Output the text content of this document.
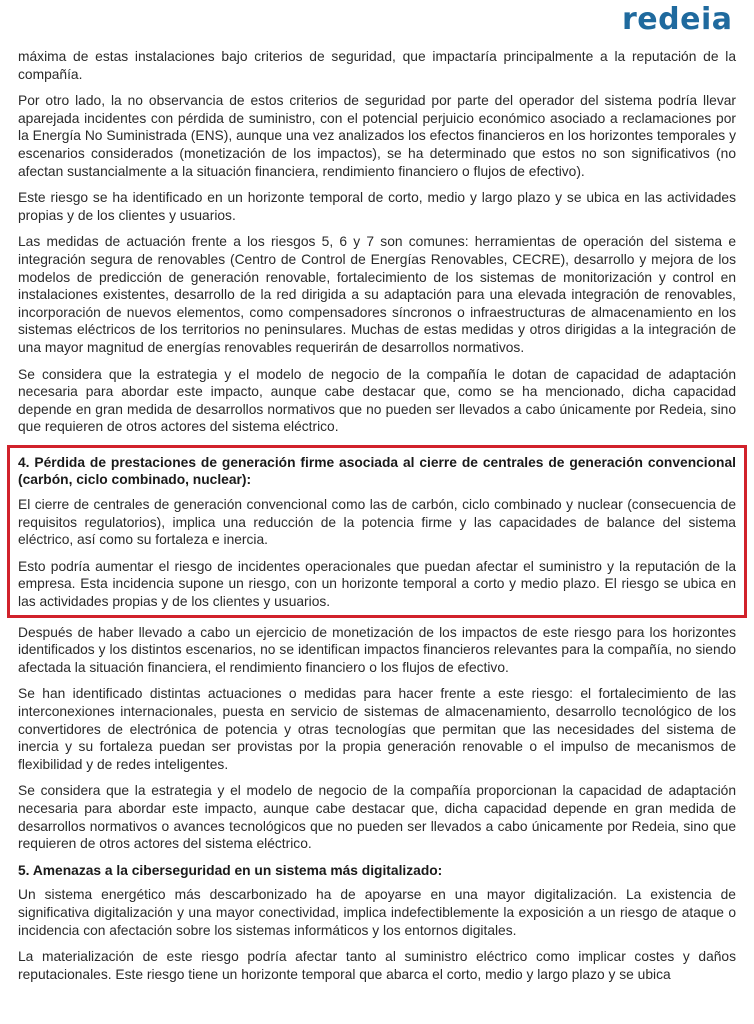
redeia

máxima de estas instalaciones bajo criterios de seguridad, que impactaría principalmente a la reputación de la compañía.

Por otro lado, la no observancia de estos criterios de seguridad por parte del operador del sistema podría llevar aparejada incidentes con pérdida de suministro, con el potencial perjuicio económico asociado a reclamaciones por la Energía No Suministrada (ENS), aunque una vez analizados los efectos financieros en los horizontes temporales y escenarios considerados (monetización de los impactos), se ha determinado que estos no son significativos (no afectan sustancialmente a la situación financiera, rendimiento financiero o flujos de efectivo).

Este riesgo se ha identificado en un horizonte temporal de corto, medio y largo plazo y se ubica en las actividades propias y de los clientes y usuarios.

Las medidas de actuación frente a los riesgos 5, 6 y 7 son comunes: herramientas de operación del sistema e integración segura de renovables (Centro de Control de Energías Renovables, CECRE), desarrollo y mejora de los modelos de predicción de generación renovable, fortalecimiento de los sistemas de monitorización y control en instalaciones existentes, desarrollo de la red dirigida a su adaptación para una elevada integración de renovables, incorporación de nuevos elementos, como compensadores síncronos o infraestructuras de almacenamiento en los sistemas eléctricos de los territorios no peninsulares. Muchas de estas medidas y otros dirigidas a la integración de una mayor magnitud de energías renovables requerirán de desarrollos normativos.

Se considera que la estrategia y el modelo de negocio de la compañía le dotan de capacidad de adaptación necesaria para abordar este impacto, aunque cabe destacar que, como se ha mencionado, dicha capacidad depende en gran medida de desarrollos normativos que no pueden ser llevados a cabo únicamente por Redeia, sino que requieren de otros actores del sistema eléctrico.

4. Pérdida de prestaciones de generación firme asociada al cierre de centrales de generación convencional (carbón, ciclo combinado, nuclear):

El cierre de centrales de generación convencional como las de carbón, ciclo combinado y nuclear (consecuencia de requisitos regulatorios), implica una reducción de la potencia firme y las capacidades de balance del sistema eléctrico, así como su fortaleza e inercia.

Esto podría aumentar el riesgo de incidentes operacionales que puedan afectar el suministro y la reputación de la empresa. Esta incidencia supone un riesgo, con un horizonte temporal a corto y medio plazo. El riesgo se ubica en las actividades propias y de los clientes y usuarios.

Después de haber llevado a cabo un ejercicio de monetización de los impactos de este riesgo para los horizontes identificados y los distintos escenarios, no se identifican impactos financieros relevantes para la compañía, no siendo afectada la situación financiera, el rendimiento financiero o los flujos de efectivo.

Se han identificado distintas actuaciones o medidas para hacer frente a este riesgo: el fortalecimiento de las interconexiones internacionales, puesta en servicio de sistemas de almacenamiento, desarrollo tecnológico de los convertidores de electrónica de potencia y otras tecnologías que permitan que las necesidades del sistema de inercia y su fortaleza puedan ser provistas por la propia generación renovable o el impulso de mecanismos de flexibilidad y de redes inteligentes.

Se considera que la estrategia y el modelo de negocio de la compañía proporcionan la capacidad de adaptación necesaria para abordar este impacto, aunque cabe destacar que, dicha capacidad depende en gran medida de desarrollos normativos o avances tecnológicos que no pueden ser llevados a cabo únicamente por Redeia, sino que requieren de otros actores del sistema eléctrico.

5. Amenazas a la ciberseguridad en un sistema más digitalizado:

Un sistema energético más descarbonizado ha de apoyarse en una mayor digitalización. La existencia de significativa digitalización y una mayor conectividad, implica indefectiblemente la exposición a un riesgo de ataque o incidencia con afectación sobre los sistemas informáticos y los entornos digitales.

La materialización de este riesgo podría afectar tanto al suministro eléctrico como implicar costes y daños reputacionales. Este riesgo tiene un horizonte temporal que abarca el corto, medio y largo plazo y se ubica
